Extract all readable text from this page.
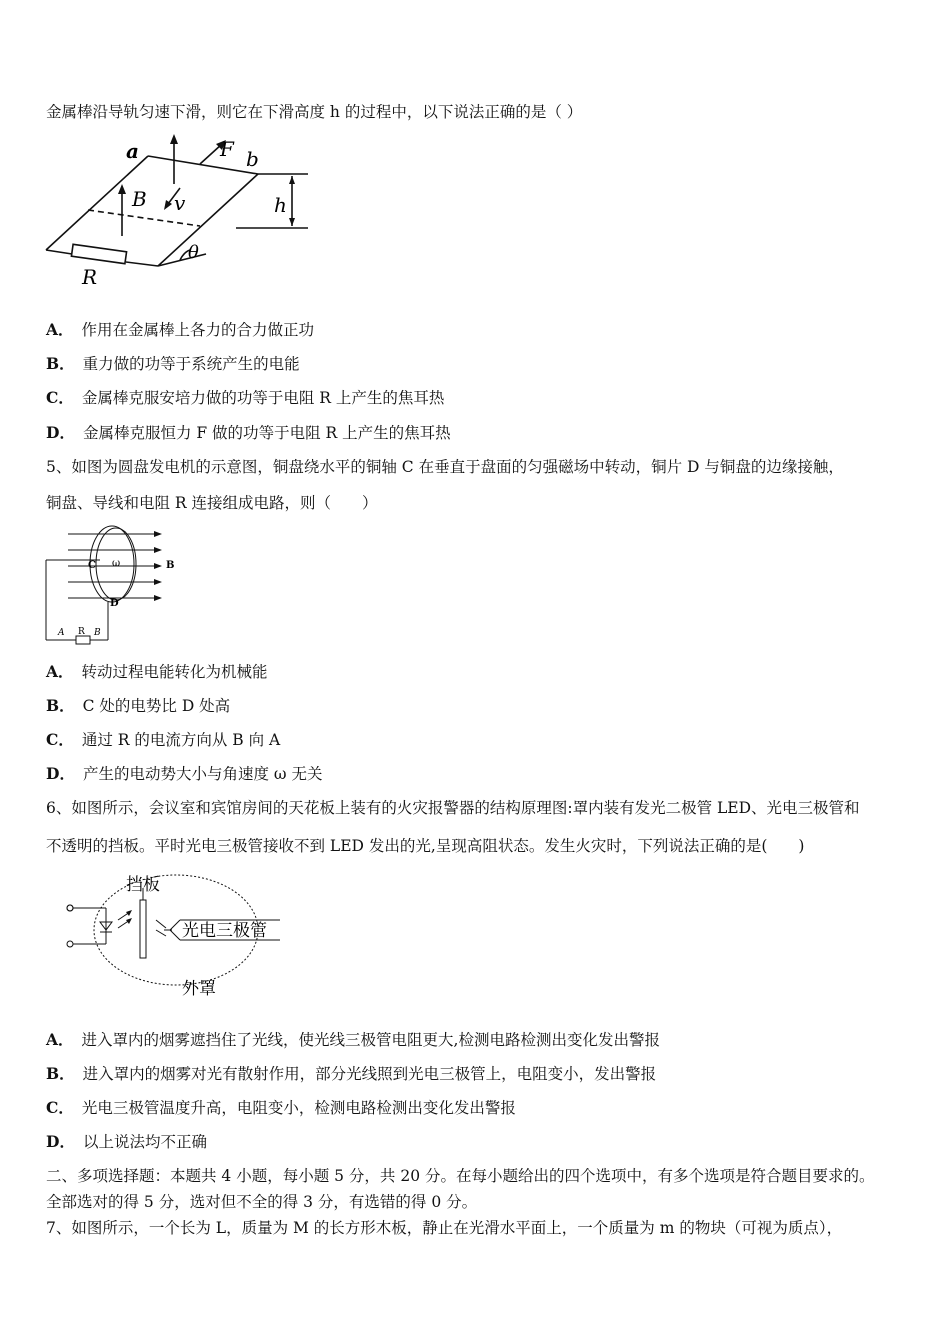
金属棒沿导轨匀速下滑，则它在下滑高度 h 的过程中，以下说法正确的是（ ）
a	b
F
B v	h
θ
R
A． 作用在金属棒上各力的合力做正功
B． 重力做的功等于系统产生的电能
C． 金属棒克服安培力做的功等于电阻 R 上产生的焦耳热
D． 金属棒克服恒力 F 做的功等于电阻 R 上产生的焦耳热
5、如图为圆盘发电机的示意图，铜盘绕水平的铜轴 C 在垂直于盘面的匀强磁场中转动，铜片 D 与铜盘的边缘接触，
铜盘、导线和电阻 R 连接组成电路，则（　　）
C ω	B
D
A R B
A． 转动过程电能转化为机械能
B． C 处的电势比 D 处高
C． 通过 R 的电流方向从 B 向 A
D． 产生的电动势大小与角速度 ω 无关
6、如图所示，会议室和宾馆房间的天花板上装有的火灾报警器的结构原理图:罩内装有发光二极管 LED、光电三极管和
不透明的挡板。平时光电三极管接收不到 LED 发出的光,呈现高阻状态。发生火灾时，下列说法正确的是(　　)
挡板
光电三极管
外罩
A． 进入罩内的烟雾遮挡住了光线，使光线三极管电阻更大,检测电路检测出变化发出警报
B． 进入罩内的烟雾对光有散射作用，部分光线照到光电三极管上，电阻变小，发出警报
C． 光电三极管温度升高，电阻变小，检测电路检测出变化发出警报
D． 以上说法均不正确
二、多项选择题：本题共 4 小题，每小题 5 分，共 20 分。在每小题给出的四个选项中，有多个选项是符合题目要求的。
全部选对的得 5 分，选对但不全的得 3 分，有选错的得 0 分。
7、如图所示，一个长为 L，质量为 M 的长方形木板，静止在光滑水平面上，一个质量为 m 的物块（可视为质点），
